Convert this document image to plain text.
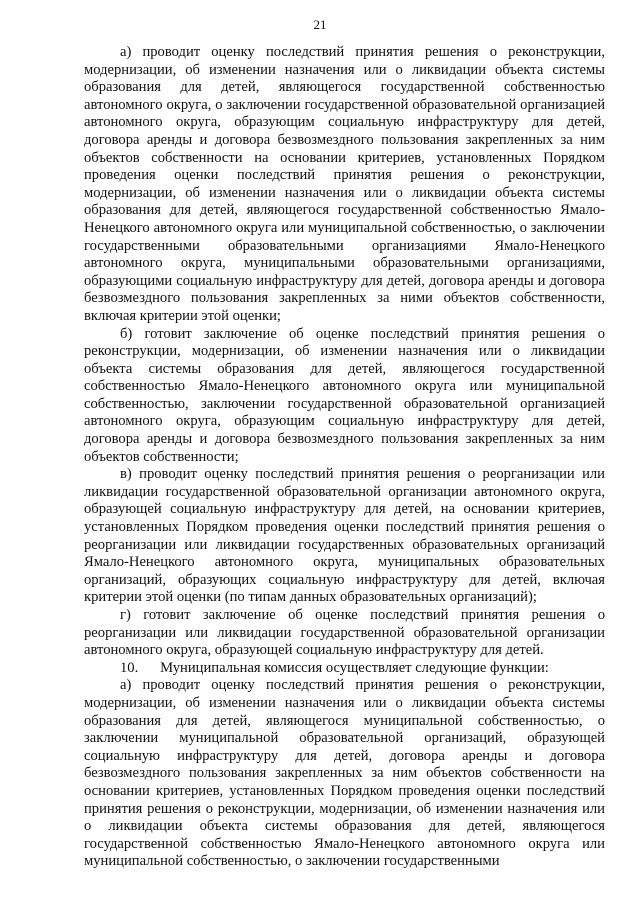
21

а) проводит оценку последствий принятия решения о реконструкции, модернизации, об изменении назначения или о ликвидации объекта системы образования для детей, являющегося государственной собственностью автономного округа, о заключении государственной образовательной организацией автономного округа, образующим социальную инфраструктуру для детей, договора аренды и договора безвозмездного пользования закрепленных за ним объектов собственности на основании критериев, установленных Порядком проведения оценки последствий принятия решения о реконструкции, модернизации, об изменении назначения или о ликвидации объекта системы образования для детей, являющегося государственной собственностью Ямало-Ненецкого автономного округа или муниципальной собственностью, о заключении государственными образовательными организациями Ямало-Ненецкого автономного округа, муниципальными образовательными организациями, образующими социальную инфраструктуру для детей, договора аренды и договора безвозмездного пользования закрепленных за ними объектов собственности, включая критерии этой оценки;

б) готовит заключение об оценке последствий принятия решения о реконструкции, модернизации, об изменении назначения или о ликвидации объекта системы образования для детей, являющегося государственной собственностью Ямало-Ненецкого автономного округа или муниципальной собственностью, заключении государственной образовательной организацией автономного округа, образующим социальную инфраструктуру для детей, договора аренды и договора безвозмездного пользования закрепленных за ним объектов собственности;

в) проводит оценку последствий принятия решения о реорганизации или ликвидации государственной образовательной организации автономного округа, образующей социальную инфраструктуру для детей, на основании критериев, установленных Порядком проведения оценки последствий принятия решения о реорганизации или ликвидации государственных образовательных организаций Ямало-Ненецкого автономного округа, муниципальных образовательных организаций, образующих социальную инфраструктуру для детей, включая критерии этой оценки (по типам данных образовательных организаций);

г) готовит заключение об оценке последствий принятия решения о реорганизации или ликвидации государственной образовательной организации автономного округа, образующей социальную инфраструктуру для детей.

10.      Муниципальная комиссия осуществляет следующие функции:

а) проводит оценку последствий принятия решения о реконструкции, модернизации, об изменении назначения или о ликвидации объекта системы образования для детей, являющегося муниципальной собственностью, о заключении муниципальной образовательной организаций, образующей социальную инфраструктуру для детей, договора аренды и договора безвозмездного пользования закрепленных за ним объектов собственности на основании критериев, установленных Порядком проведения оценки последствий принятия решения о реконструкции, модернизации, об изменении назначения или о ликвидации объекта системы образования для детей, являющегося государственной собственностью Ямало-Ненецкого автономного округа или муниципальной собственностью, о заключении государственными
